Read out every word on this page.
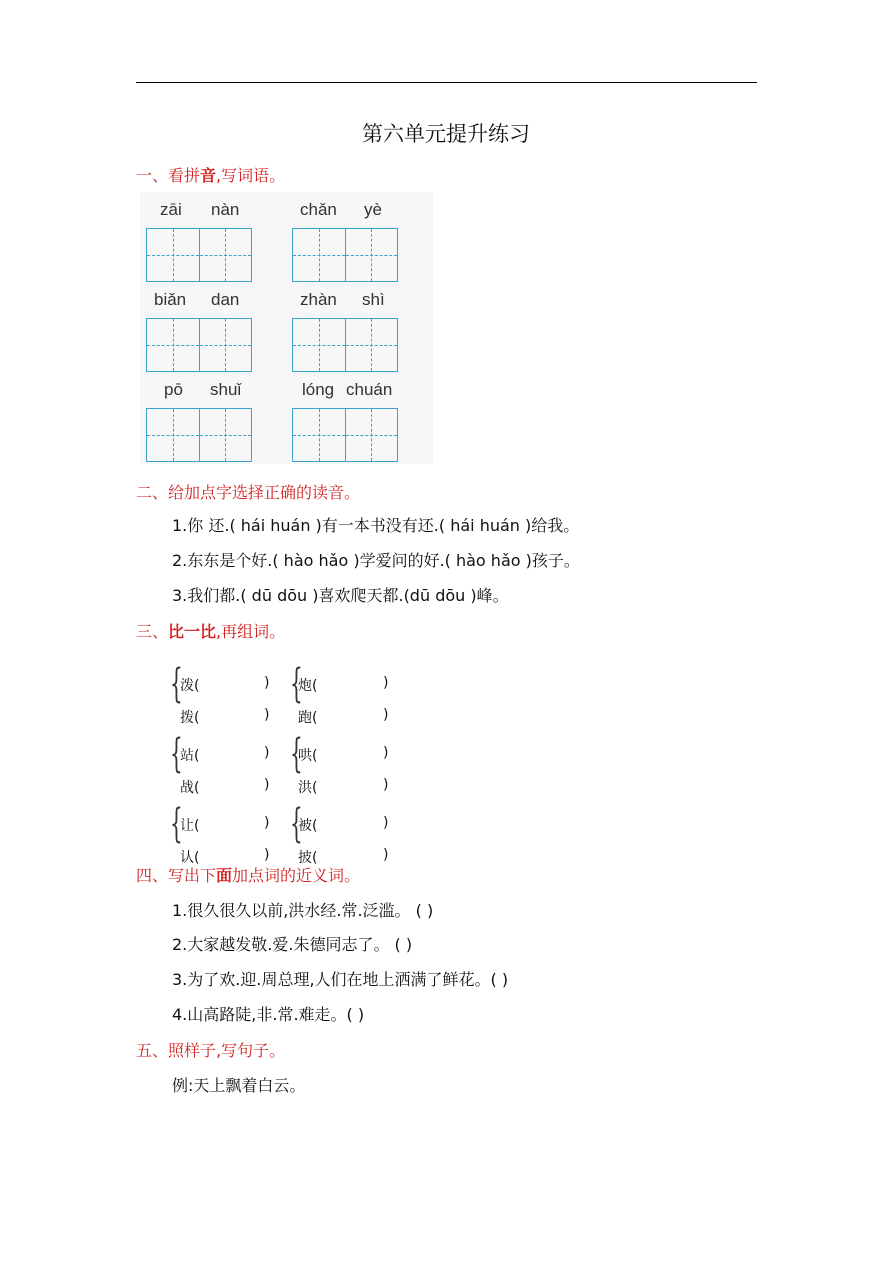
第六单元提升练习
一、看拼音,写词语。
zāi nàn	chǎn yè
biǎn dan	zhàn shì
pō shuǐ	lóng chuán
二、给加点字选择正确的读音。
1.你 还.( hái huán )有一本书没有还.( hái huán )给我。
2.东东是个好.( hào hǎo )学爱问的好.( hào hǎo )孩子。
3.我们都.( dū dōu )喜欢爬天都.(dū dōu )峰。
三、比一比,再组词。
{
泼(	)
拨(	)
{
炮(	)
跑(	)
{
站(	)
战(	)
{
哄(	)
洪(	)
{
让(	)
认(	)
{
被(	)
披(	)
四、写出下面加点词的近义词。
1.很久很久以前,洪水经.常.泛滥。 ( )
2.大家越发敬.爱.朱德同志了。 ( )
3.为了欢.迎.周总理,人们在地上洒满了鲜花。( )
4.山高路陡,非.常.难走。( )
五、照样子,写句子。
例:天上飘着白云。
